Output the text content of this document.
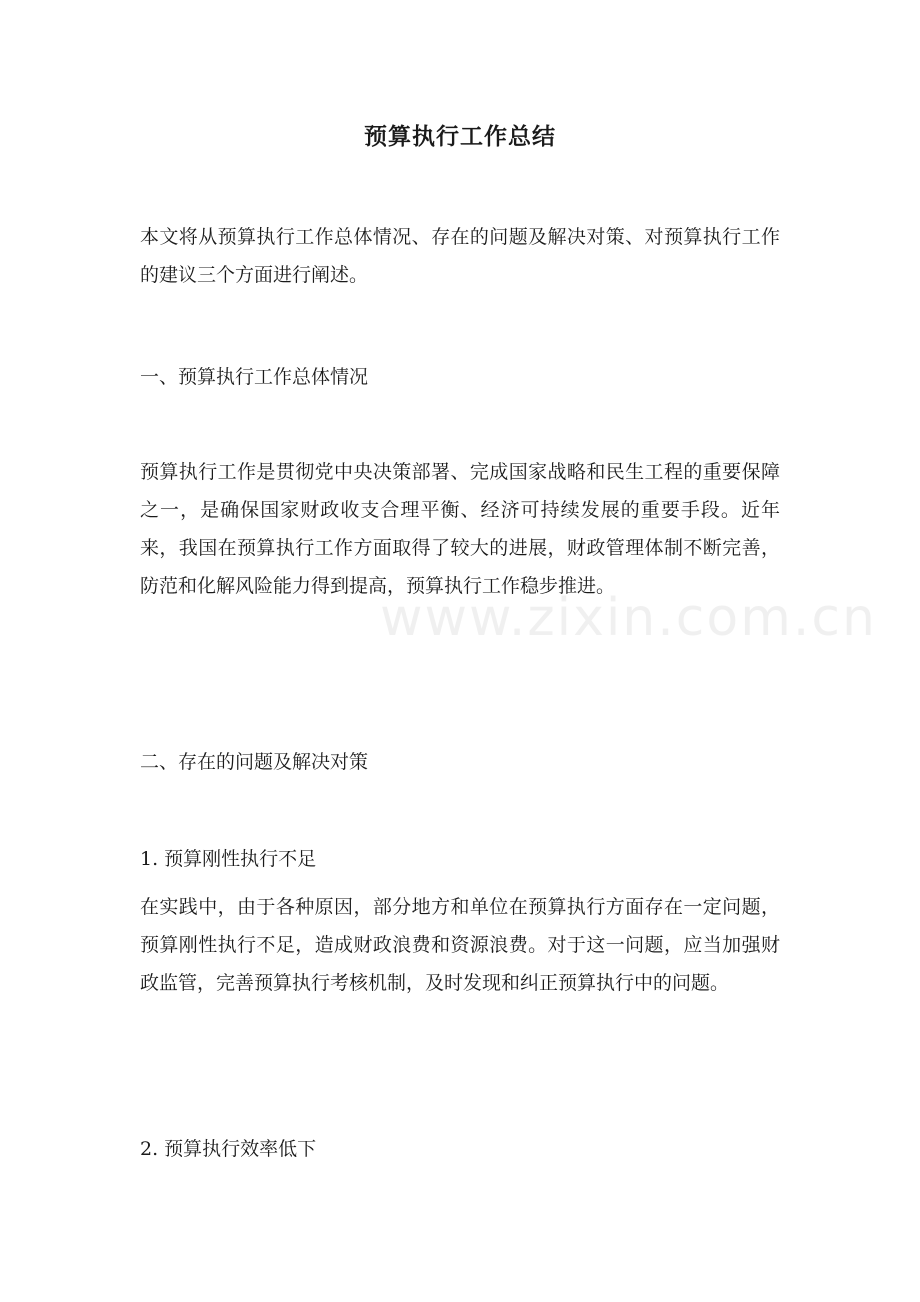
预算执行工作总结

本文将从预算执行工作总体情况、存在的问题及解决对策、对预算执行工作的建议三个方面进行阐述。

一、预算执行工作总体情况

预算执行工作是贯彻党中央决策部署、完成国家战略和民生工程的重要保障之一，是确保国家财政收支合理平衡、经济可持续发展的重要手段。近年来，我国在预算执行工作方面取得了较大的进展，财政管理体制不断完善，防范和化解风险能力得到提高，预算执行工作稳步推进。

二、存在的问题及解决对策

1. 预算刚性执行不足

在实践中，由于各种原因，部分地方和单位在预算执行方面存在一定问题，预算刚性执行不足，造成财政浪费和资源浪费。对于这一问题，应当加强财政监管，完善预算执行考核机制，及时发现和纠正预算执行中的问题。

2. 预算执行效率低下

www.zixin.com.cn
